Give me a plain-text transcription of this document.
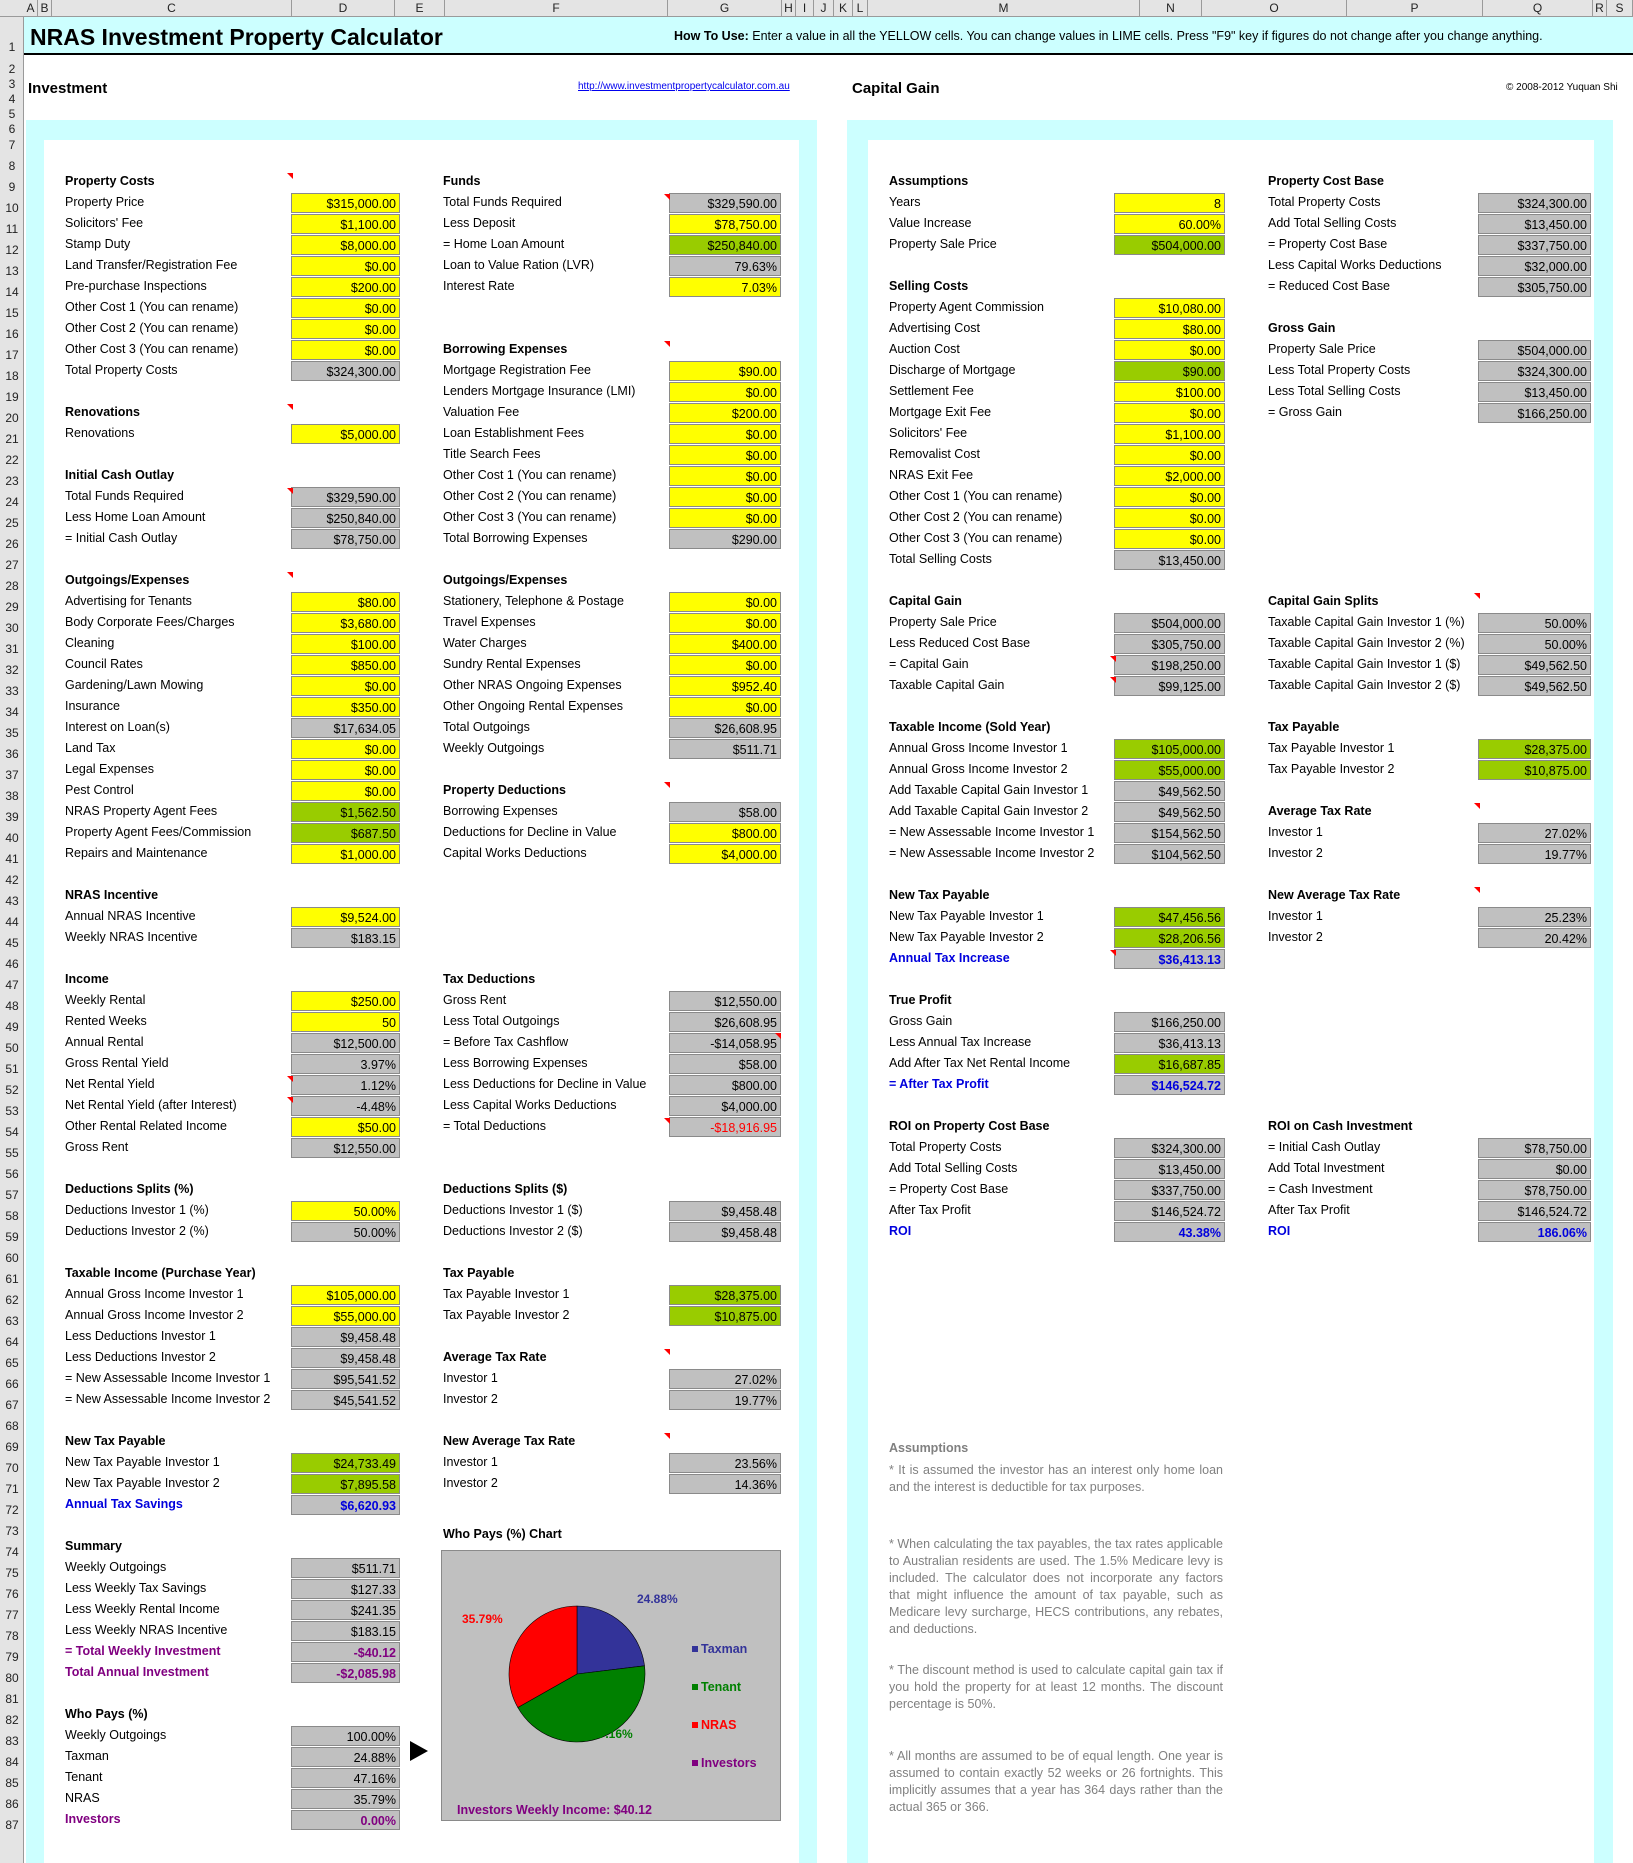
A B	C	D	E	F	G	H I	J	K L	M	N	O	P	Q	R S
1
2
3
4
5
6
7
8
9
10
11
12
13
14
15
16
17
18
19
20
21
22
23
24
25
26
27
28
29
30
31
32
33
34
35
36
37
38
39
40
41
42
43
44
45
46
47
48
49
50
51
52
53
54
55
56
57
58
59
60
61
62
63
64
65
66
67
68
69
70
71
72
73
74
75
76
77
78
79
80
81
82
83
84
85
86
87
NRAS Investment Property Calculator	How To Use: Enter a value in all the YELLOW cells. You can change values in LIME cells. Press "F9" key if figures do not change after you change anything.
Investment	http://www.investmentpropertycalculator.com.au	Capital Gain	© 2008-2012 Yuquan Shi
Property Costs
Property Price	$315,000.00
Solicitors' Fee	$1,100.00
Stamp Duty	$8,000.00
Land Transfer/Registration Fee	$0.00
Pre-purchase Inspections	$200.00
Other Cost 1 (You can rename)	$0.00
Other Cost 2 (You can rename)	$0.00
Other Cost 3 (You can rename)	$0.00
Total Property Costs	$324,300.00
Renovations
Renovations	$5,000.00
Initial Cash Outlay
Total Funds Required	$329,590.00
Less Home Loan Amount	$250,840.00
= Initial Cash Outlay	$78,750.00
Outgoings/Expenses
Advertising for Tenants	$80.00
Body Corporate Fees/Charges	$3,680.00
Cleaning	$100.00
Council Rates	$850.00
Gardening/Lawn Mowing	$0.00
Insurance	$350.00
Interest on Loan(s)	$17,634.05
Land Tax	$0.00
Legal Expenses	$0.00
Pest Control	$0.00
NRAS Property Agent Fees	$1,562.50
Property Agent Fees/Commission	$687.50
Repairs and Maintenance	$1,000.00
NRAS Incentive
Annual NRAS Incentive	$9,524.00
Weekly NRAS Incentive	$183.15
Income
Weekly Rental	$250.00
Rented Weeks	50
Annual Rental	$12,500.00
Gross Rental Yield	3.97%
Net Rental Yield	1.12%
Net Rental Yield (after Interest)	-4.48%
Other Rental Related Income	$50.00
Gross Rent	$12,550.00
Deductions Splits (%)
Deductions Investor 1 (%)	50.00%
Deductions Investor 2 (%)	50.00%
Taxable Income (Purchase Year)
Annual Gross Income Investor 1	$105,000.00
Annual Gross Income Investor 2	$55,000.00
Less Deductions Investor 1	$9,458.48
Less Deductions Investor 2	$9,458.48
= New Assessable Income Investor 1	$95,541.52
= New Assessable Income Investor 2	$45,541.52
New Tax Payable
New Tax Payable Investor 1	$24,733.49
New Tax Payable Investor 2	$7,895.58
Annual Tax Savings	$6,620.93
Summary
Weekly Outgoings	$511.71
Less Weekly Tax Savings	$127.33
Less Weekly Rental Income	$241.35
Less Weekly NRAS Incentive	$183.15
= Total Weekly Investment	-$40.12
Total Annual Investment	-$2,085.98
Who Pays (%)
Weekly Outgoings	100.00%
Taxman	24.88%
Tenant	47.16%
NRAS	35.79%
Investors	0.00%
Funds
Total Funds Required	$329,590.00
Less Deposit	$78,750.00
= Home Loan Amount	$250,840.00
Loan to Value Ration (LVR)	79.63%
Interest Rate	7.03%
Borrowing Expenses
Mortgage Registration Fee	$90.00
Lenders Mortgage Insurance (LMI)	$0.00
Valuation Fee	$200.00
Loan Establishment Fees	$0.00
Title Search Fees	$0.00
Other Cost 1 (You can rename)	$0.00
Other Cost 2 (You can rename)	$0.00
Other Cost 3 (You can rename)	$0.00
Total Borrowing Expenses	$290.00
Outgoings/Expenses
Stationery, Telephone & Postage	$0.00
Travel Expenses	$0.00
Water Charges	$400.00
Sundry Rental Expenses	$0.00
Other NRAS Ongoing Expenses	$952.40
Other Ongoing Rental Expenses	$0.00
Total Outgoings	$26,608.95
Weekly Outgoings	$511.71
Property Deductions
Borrowing Expenses	$58.00
Deductions for Decline in Value	$800.00
Capital Works Deductions	$4,000.00
Tax Deductions
Gross Rent	$12,550.00
Less Total Outgoings	$26,608.95
= Before Tax Cashflow	-$14,058.95
Less Borrowing Expenses	$58.00
Less Deductions for Decline in Value	$800.00
Less Capital Works Deductions	$4,000.00
= Total Deductions	-$18,916.95
Deductions Splits ($)
Deductions Investor 1 ($)	$9,458.48
Deductions Investor 2 ($)	$9,458.48
Tax Payable
Tax Payable Investor 1	$28,375.00
Tax Payable Investor 2	$10,875.00
Average Tax Rate
Investor 1	27.02%
Investor 2	19.77%
New Average Tax Rate
Investor 1	23.56%
Investor 2	14.36%
Assumptions
Years	8
Value Increase	60.00%
Property Sale Price	$504,000.00
Selling Costs
Property Agent Commission	$10,080.00
Advertising Cost	$80.00
Auction Cost	$0.00
Discharge of Mortgage	$90.00
Settlement Fee	$100.00
Mortgage Exit Fee	$0.00
Solicitors' Fee	$1,100.00
Removalist Cost	$0.00
NRAS Exit Fee	$2,000.00
Other Cost 1 (You can rename)	$0.00
Other Cost 2 (You can rename)	$0.00
Other Cost 3 (You can rename)	$0.00
Total Selling Costs	$13,450.00
Capital Gain
Property Sale Price	$504,000.00
Less Reduced Cost Base	$305,750.00
= Capital Gain	$198,250.00
Taxable Capital Gain	$99,125.00
Taxable Income (Sold Year)
Annual Gross Income Investor 1	$105,000.00
Annual Gross Income Investor 2	$55,000.00
Add Taxable Capital Gain Investor 1	$49,562.50
Add Taxable Capital Gain Investor 2	$49,562.50
= New Assessable Income Investor 1	$154,562.50
= New Assessable Income Investor 2	$104,562.50
New Tax Payable
New Tax Payable Investor 1	$47,456.56
New Tax Payable Investor 2	$28,206.56
Annual Tax Increase	$36,413.13
True Profit
Gross Gain	$166,250.00
Less Annual Tax Increase	$36,413.13
Add After Tax Net Rental Income	$16,687.85
= After Tax Profit	$146,524.72
ROI on Property Cost Base
Total Property Costs	$324,300.00
Add Total Selling Costs	$13,450.00
= Property Cost Base	$337,750.00
After Tax Profit	$146,524.72
ROI	43.38%
Property Cost Base
Total Property Costs	$324,300.00
Add Total Selling Costs	$13,450.00
= Property Cost Base	$337,750.00
Less Capital Works Deductions	$32,000.00
= Reduced Cost Base	$305,750.00
Gross Gain
Property Sale Price	$504,000.00
Less Total Property Costs	$324,300.00
Less Total Selling Costs	$13,450.00
= Gross Gain	$166,250.00
Capital Gain Splits
Taxable Capital Gain Investor 1 (%)	50.00%
Taxable Capital Gain Investor 2 (%)	50.00%
Taxable Capital Gain Investor 1 ($)	$49,562.50
Taxable Capital Gain Investor 2 ($)	$49,562.50
Tax Payable
Tax Payable Investor 1	$28,375.00
Tax Payable Investor 2	$10,875.00
Average Tax Rate
Investor 1	27.02%
Investor 2	19.77%
New Average Tax Rate
Investor 1	25.23%
Investor 2	20.42%
ROI on Cash Investment
= Initial Cash Outlay	$78,750.00
Add Total Investment	$0.00
= Cash Investment	$78,750.00
After Tax Profit	$146,524.72
ROI	186.06%
Assumptions
* It is assumed the investor has an interest only home loan and the interest is deductible for tax purposes.
* When calculating the tax payables, the tax rates applicable to Australian residents are used. The 1.5% Medicare levy is included. The calculator does not incorporate any factors that might influence the amount of tax payable, such as Medicare levy surcharge, HECS contributions, any rebates, and deductions.
* The discount method is used to calculate capital gain tax if you hold the property for at least 12 months. The discount percentage is 50%.
* All months are assumed to be of equal length. One year is assumed to contain exactly 52 weeks or 26 fortnights. This implicitly assumes that a year has 364 days rather than the actual 365 or 366.
Who Pays (%) Chart
24.88%
47.16%
35.79%
Taxman
Tenant
NRAS
Investors
Investors Weekly Income: $40.12
